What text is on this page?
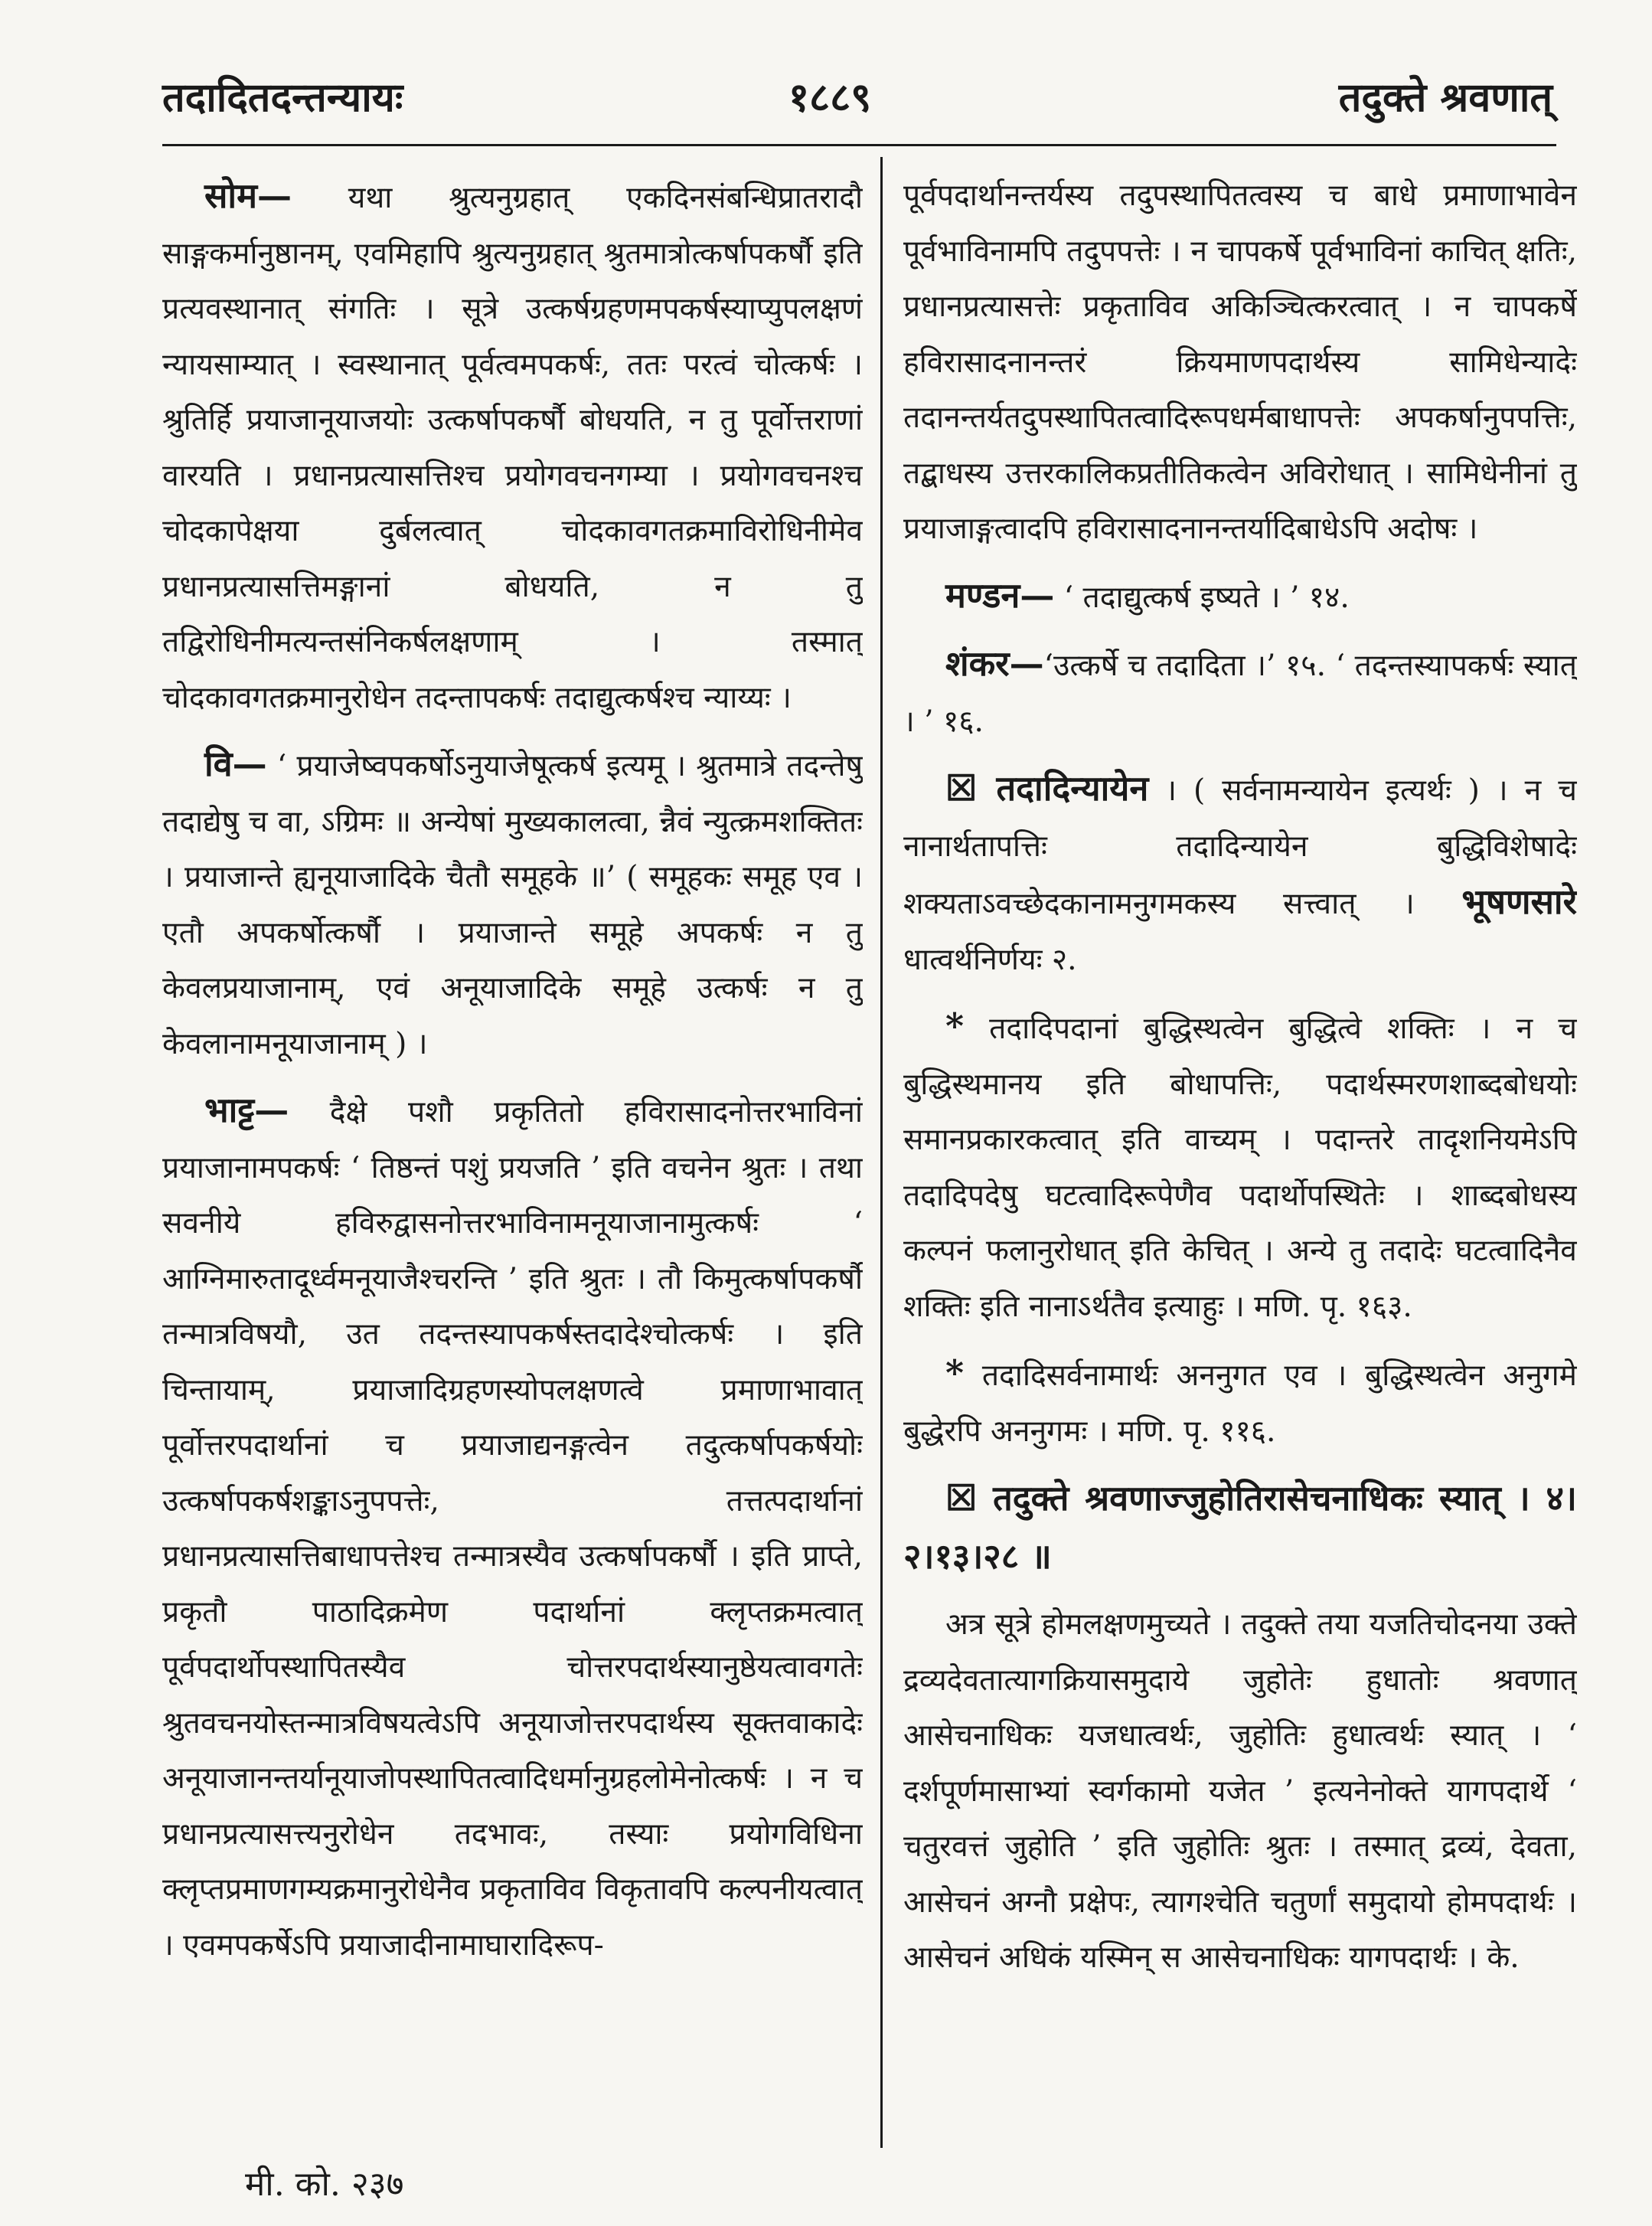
तदादितदन्तन्यायः	१८८९	तदुक्ते श्रवणात्

सोम— यथा श्रुत्यनुग्रहात् एकदिनसंबन्धिप्रातरादौ साङ्गकर्मानुष्ठानम्, एवमिहापि श्रुत्यनुग्रहात् श्रुतमात्रोत्कर्षापकर्षौ इति प्रत्यवस्थानात् संगतिः । सूत्रे उत्कर्षग्रहणमपकर्षस्याप्युपलक्षणं न्यायसाम्यात् । स्वस्थानात् पूर्वत्वमपकर्षः, ततः परत्वं चोत्कर्षः । श्रुतिर्हि प्रयाजानूयाजयोः उत्कर्षापकर्षौ बोधयति, न तु पूर्वोत्तराणां वारयति । प्रधानप्रत्यासत्तिश्च प्रयोगवचनगम्या । प्रयोगवचनश्च चोदकापेक्षया दुर्बलत्वात् चोदकावगतक्रमाविरोधिनीमेव प्रधानप्रत्यासत्तिमङ्गानां बोधयति, न तु तद्विरोधिनीमत्यन्तसंनिकर्षलक्षणाम् । तस्मात् चोदकावगतक्रमानुरोधेन तदन्तापकर्षः तदाद्युत्कर्षश्च न्याय्यः ।

वि— ‘ प्रयाजेष्वपकर्षोऽनुयाजेषूत्कर्ष इत्यमू । श्रुतमात्रे तदन्तेषु तदाद्येषु च वा, ऽग्रिमः ॥ अन्येषां मुख्यकालत्वा, न्नैवं न्युत्क्रमशक्तितः । प्रयाजान्ते ह्यनूयाजादिके चैतौ समूहके ॥’ ( समूहकः समूह एव । एतौ अपकर्षोत्कर्षौ । प्रयाजान्ते समूहे अपकर्षः न तु केवलप्रयाजानाम्, एवं अनूयाजादिके समूहे उत्कर्षः न तु केवलानामनूयाजानाम् ) ।

भाट्ट— दैक्षे पशौ प्रकृतितो हविरासादनोत्तरभाविनां प्रयाजानामपकर्षः ‘ तिष्ठन्तं पशुं प्रयजति ’ इति वचनेन श्रुतः । तथा सवनीये हविरुद्वासनोत्तरभाविनामनूयाजानामुत्कर्षः ‘ आग्निमारुतादूर्ध्वमनूयाजैश्चरन्ति ’ इति श्रुतः । तौ किमुत्कर्षापकर्षौ तन्मात्रविषयौ, उत तदन्तस्यापकर्षस्तदादेश्चोत्कर्षः । इति चिन्तायाम्, प्रयाजादिग्रहणस्योपलक्षणत्वे प्रमाणाभावात् पूर्वोत्तरपदार्थानां च प्रयाजाद्यनङ्गत्वेन तदुत्कर्षापकर्षयोः उत्कर्षापकर्षशङ्काऽनुपपत्तेः, तत्तत्पदार्थानां प्रधानप्रत्यासत्तिबाधापत्तेश्च तन्मात्रस्यैव उत्कर्षापकर्षौ । इति प्राप्ते, प्रकृतौ पाठादिक्रमेण पदार्थानां क्लृप्तक्रमत्वात् पूर्वपदार्थोपस्थापितस्यैव चोत्तरपदार्थस्यानुष्ठेयत्वावगतेः श्रुतवचनयोस्तन्मात्रविषयत्वेऽपि अनूयाजोत्तरपदार्थस्य सूक्तवाकादेः अनूयाजानन्तर्यानूयाजोपस्थापितत्वादिधर्मानुग्रहलोमेनोत्कर्षः । न च प्रधानप्रत्यासत्त्यनुरोधेन तदभावः, तस्याः प्रयोगविधिना क्लृप्तप्रमाणगम्यक्रमानुरोधेनैव प्रकृताविव विकृतावपि कल्पनीयत्वात् । एवमपकर्षेऽपि प्रयाजादीनामाघारादिरूप-

पूर्वपदार्थानन्तर्यस्य तदुपस्थापितत्वस्य च बाधे प्रमाणाभावेन पूर्वभाविनामपि तदुपपत्तेः । न चापकर्षे पूर्वभाविनां काचित् क्षतिः, प्रधानप्रत्यासत्तेः प्रकृताविव अकिञ्चित्करत्वात् । न चापकर्षे हविरासादनानन्तरं क्रियमाणपदार्थस्य सामिधेन्यादेः तदानन्तर्यतदुपस्थापितत्वादिरूपधर्मबाधापत्तेः अपकर्षानुपपत्तिः, तद्बाधस्य उत्तरकालिकप्रतीतिकत्वेन अविरोधात् । सामिधेनीनां तु प्रयाजाङ्गत्वादपि हविरासादनानन्तर्यादिबाधेऽपि अदोषः ।

मण्डन— ‘ तदाद्युत्कर्ष इष्यते । ’ १४.

शंकर—‘उत्कर्षे च तदादिता ।’ १५. ‘ तदन्तस्यापकर्षः स्यात् । ’ १६.

☒ तदादिन्यायेन । ( सर्वनामन्यायेन इत्यर्थः ) । न च नानार्थतापत्तिः तदादिन्यायेन बुद्धिविशेषादेः शक्यताऽवच्छेदकानामनुगमकस्य सत्त्वात् । भूषणसारे धात्वर्थनिर्णयः २.

* तदादिपदानां बुद्धिस्थत्वेन बुद्धित्वे शक्तिः । न च बुद्धिस्थमानय इति बोधापत्तिः, पदार्थस्मरणशाब्दबोधयोः समानप्रकारकत्वात् इति वाच्यम् । पदान्तरे तादृशनियमेऽपि तदादिपदेषु घटत्वादिरूपेणैव पदार्थोपस्थितेः । शाब्दबोधस्य कल्पनं फलानुरोधात् इति केचित् । अन्ये तु तदादेः घटत्वादिनैव शक्तिः इति नानाऽर्थतैव इत्याहुः । मणि. पृ. १६३.

* तदादिसर्वनामार्थः अननुगत एव । बुद्धिस्थत्वेन अनुगमे बुद्धेरपि अननुगमः । मणि. पृ. ११६.

☒ तदुक्ते श्रवणाज्जुहोतिरासेचनाधिकः स्यात् । ४।२।१३।२८ ॥

अत्र सूत्रे होमलक्षणमुच्यते । तदुक्ते तया यजतिचोदनया उक्ते द्रव्यदेवतात्यागक्रियासमुदाये जुहोतेः हुधातोः श्रवणात् आसेचनाधिकः यजधात्वर्थः, जुहोतिः हुधात्वर्थः स्यात् । ‘ दर्शपूर्णमासाभ्यां स्वर्गकामो यजेत ’ इत्यनेनोक्ते यागपदार्थे ‘ चतुरवत्तं जुहोति ’ इति जुहोतिः श्रुतः । तस्मात् द्रव्यं, देवता, आसेचनं अग्नौ प्रक्षेपः, त्यागश्चेति चतुर्णां समुदायो होमपदार्थः । आसेचनं अधिकं यस्मिन् स आसेचनाधिकः यागपदार्थः । के.

मी. को. २३७
